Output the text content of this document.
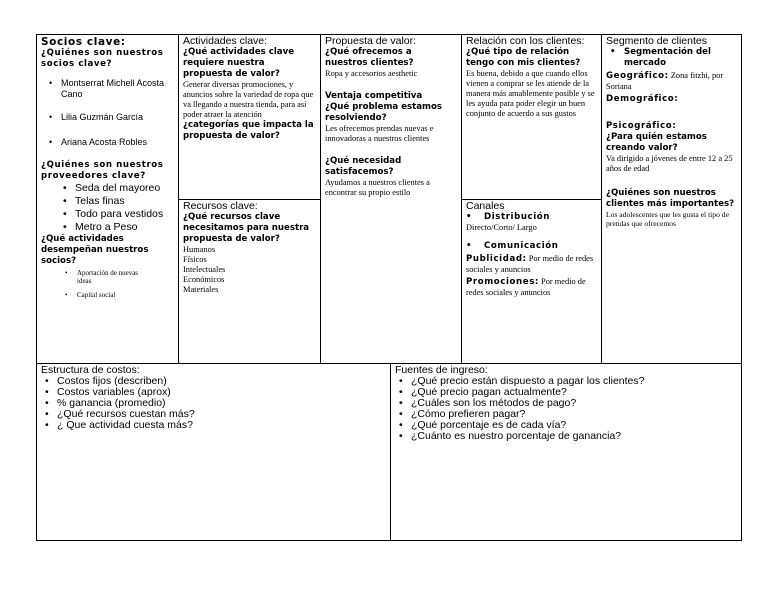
Socios clave:
¿Quiénes son nuestros socios clave?
• Montserrat Michell Acosta Cano
• Lilia Guzmán García
• Ariana Acosta Robles
¿Quiénes son nuestros proveedores clave?
• Seda del mayoreo
• Telas finas
• Todo para vestidos
• Metro a Peso
¿Qué actividades desempeñan nuestros socios?
• Aportación de nuevas ideas
• Capital social
Actividades clave:
¿Qué actividades clave requiere nuestra propuesta de valor?
Generar diversas promociones, y anuncios sobre la variedad de ropa que va llegando a nuestra tienda, para así poder atraer la atención
¿categorías que impacta la propuesta de valor?
Recursos clave:
¿Qué recursos clave necesitamos para nuestra propuesta de valor?
Humanos
Físicos
Intelectuales
Económicos
Materiales
Propuesta de valor:
¿Qué ofrecemos a nuestros clientes?
Ropa y accesorios aesthetic
Ventaja competitiva
¿Qué problema estamos resolviendo?
Les ofrecemos prendas nuevas e innovadoras a nuestros clientes
¿Qué necesidad satisfacemos?
Ayudamos a nuestros clientes a encontrar su propio estilo
Relación con los clientes:
¿Qué tipo de relación tengo con mis clientes?
Es buena, debido a que cuando ellos vienen a comprar se les atiende de la manera más amablemente posible y se les ayuda para poder elegir un buen conjunto de acuerdo a sus gustos
Canales
• Distribución
Directo/Corto/ Largo
• Comunicación
Publicidad: Por medio de redes sociales y anuncios
Promociones: Por medio de redes sociales y anuncios
Segmento de clientes
• Segmentación del mercado
Geográfico: Zona fitzhi, por Soriana
Demográfico:
Psicográfico:
¿Para quién estamos creando valor?
Va dirigido a jóvenes de entre 12 a 25 años de edad
¿Quiénes son nuestros clientes más importantes?
Los adolescentes que les gusta el tipo de prendas que ofrecemos
Estructura de costos:
• Costos fijos (describen)
• Costos variables (aprox)
• % ganancia (promedio)
• ¿Qué recursos cuestan más?
• ¿ Que actividad cuesta más?
Fuentes de ingreso:
• ¿Qué precio están dispuesto a pagar los clientes?
• ¿Qué precio pagan actualmente?
• ¿Cuáles son los métodos de pago?
• ¿Cómo prefieren pagar?
• ¿Qué porcentaje es de cada vía?
• ¿Cuánto es nuestro porcentaje de ganancia?
